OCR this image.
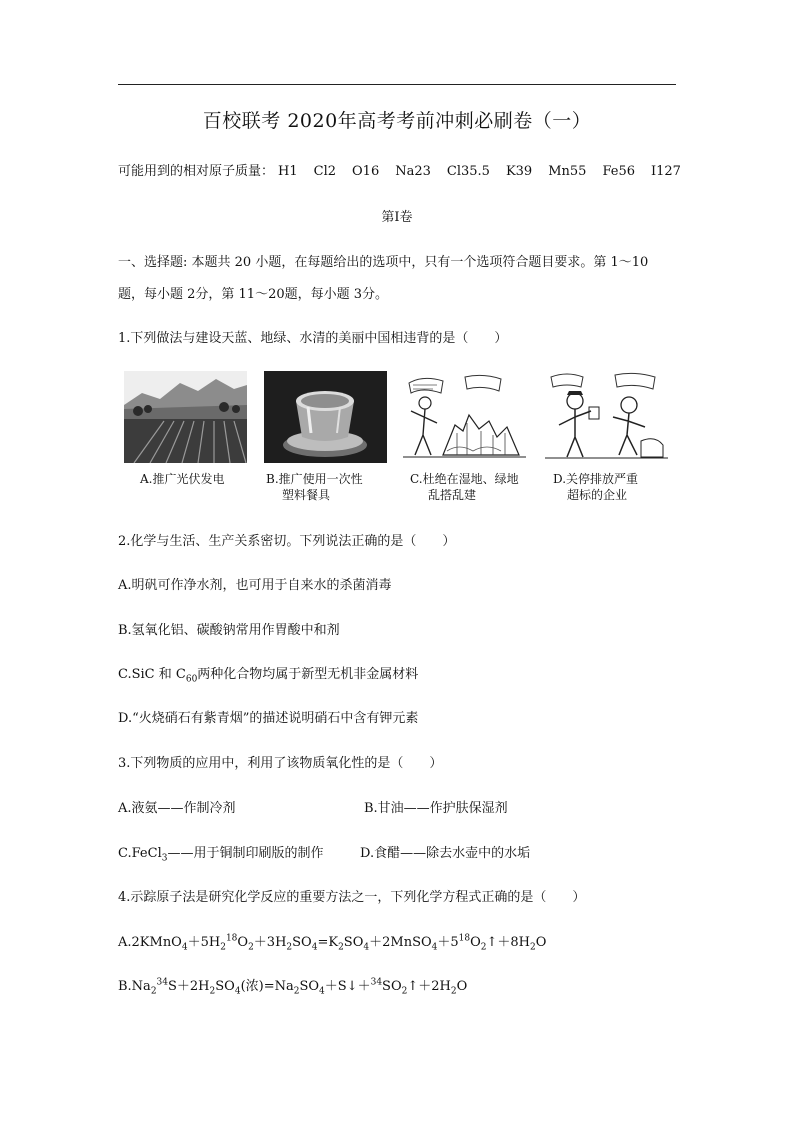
百校联考 2020年高考考前冲刺必刷卷（一）
可能用到的相对原子质量： H1 Cl2 O16 Na23 Cl35.5 K39 Mn55 Fe56 I127
第Ⅰ卷
一、选择题: 本题共 20 小题，在每题给出的选项中，只有一个选项符合题目要求。第 1～10
题，每小题 2分，第 11～20题，每小题 3分。
1.下列做法与建设天蓝、地绿、水清的美丽中国相违背的是（　　）
A.推广光伏发电	B.推广使用一次性
塑料餐具
C.杜绝在湿地、绿地
乱搭乱建
D.关停排放严重
超标的企业
2.化学与生活、生产关系密切。下列说法正确的是（　　）
A.明矾可作净水剂，也可用于自来水的杀菌消毒
B.氢氧化铝、碳酸钠常用作胃酸中和剂
C.SiC 和 $C_{60}$两种化合物均属于新型无机非金属材料
D.“火烧硝石有紫青烟”的描述说明硝石中含有钾元素
3.下列物质的应用中，利用了该物质氧化性的是（　　）
A.液氨——作制冷剂	B.甘油——作护肤保湿剂
C.FeCl$_3$——用于铜制印刷版的制作	D.食醋——除去水壶中的水垢
4.示踪原子法是研究化学反应的重要方法之一，下列化学方程式正确的是（　　）
$A.2KMnO_4+5H_2^{18}O_2+3H_2SO_4=K_2SO_4+2MnSO_4+5^{18}O_2↑+8H_2O$
$B.Na_2^{34}S+2H_2SO_4$(浓)$=Na_2SO_4+S↓+^{34}SO_2↑+2H_2O$
